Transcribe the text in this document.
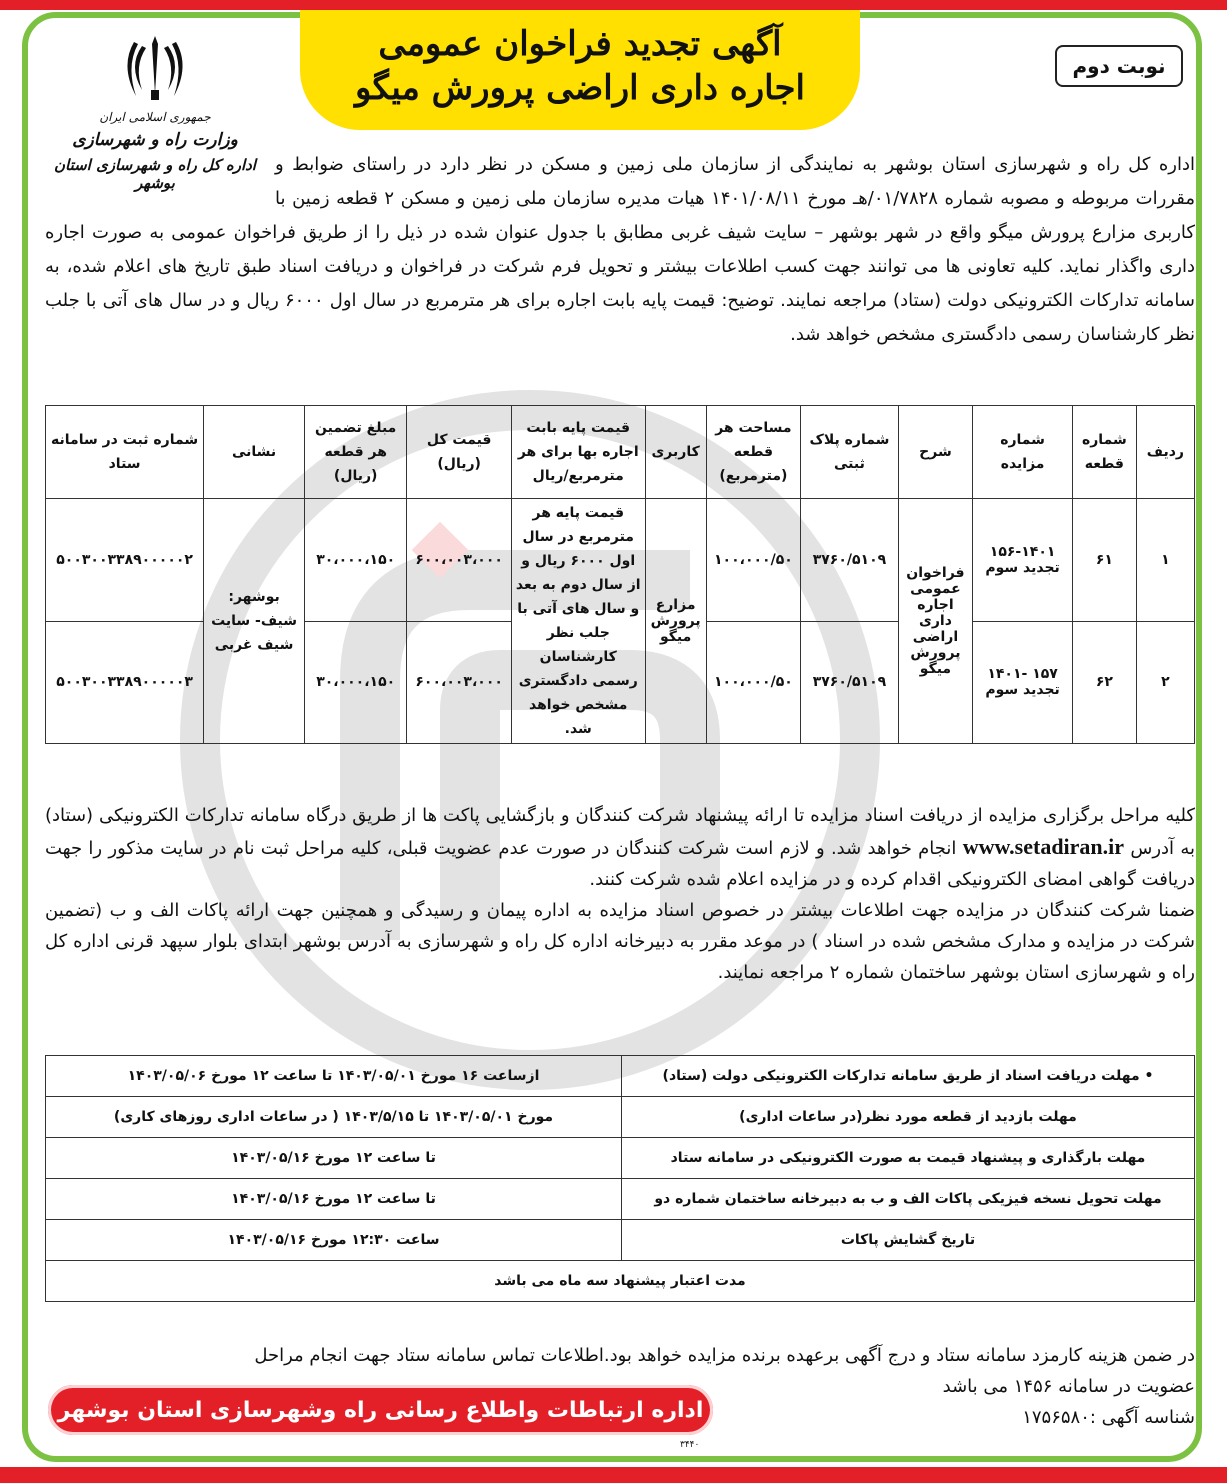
آگهی تجدید فراخوان عمومی
اجاره داری اراضی پرورش میگو
نوبت دوم
جمهوری اسلامی ایران
وزارت راه و شهرسازی
اداره کل راه و شهرسازی استان بوشهر
اداره کل راه و شهرسازی استان بوشهر به نمایندگی از سازمان ملی زمین و مسکن در نظر دارد در راستای ضوابط و مقررات مربوطه و مصوبه شماره ۰۱/۷۸۲۸/هـ مورخ ۱۴۰۱/۰۸/۱۱ هیات مدیره سازمان ملی زمین و مسکن ۲ قطعه زمین با کاربری مزارع پرورش میگو واقع در شهر بوشهر – سایت شیف غربی مطابق با جدول عنوان شده در ذیل را از طریق فراخوان عمومی به صورت اجاره داری واگذار نماید. کلیه تعاونی ها می توانند جهت کسب اطلاعات بیشتر و تحویل فرم شرکت در فراخوان و دریافت اسناد طبق تاریخ های اعلام شده، به سامانه تدارکات الکترونیکی دولت (ستاد) مراجعه نمایند. توضیح: قیمت پایه بابت اجاره برای هر مترمربع در سال اول ۶۰۰۰ ریال و در سال های آتی با جلب نظر کارشناسان رسمی دادگستری مشخص خواهد شد.
ردیف	شماره قطعه	شماره مزایده	شرح	شماره پلاک ثبتی	مساحت هر قطعه (مترمربع)	کاربری	قیمت پایه بابت اجاره بها برای هر مترمربع/ریال	قیمت کل (ریال)	مبلغ تضمین هر قطعه (ریال)	نشانی	شماره ثبت در سامانه ستاد
۱	۶۱	۱۵۶-۱۴۰۱ تجدید سوم	فراخوان عمومی اجاره داری اراضی پرورش میگو	۳۷۶۰/۵۱۰۹	۱۰۰،۰۰۰/۵۰	مزارع پرورش میگو	قیمت پایه هر مترمربع در سال اول ۶۰۰۰ ریال و از سال دوم به بعد و سال های آتی با جلب نظر کارشناسان رسمی دادگستری مشخص خواهد شد.	۶۰۰،۰۰۳،۰۰۰	۳۰،۰۰۰،۱۵۰	بوشهر: شیف- سایت شیف غربی	۵۰۰۳۰۰۳۳۸۹۰۰۰۰۰۲
۲	۶۲	۱۵۷ -۱۴۰۱ تجدید سوم		۳۷۶۰/۵۱۰۹	۱۰۰،۰۰۰/۵۰			۶۰۰،۰۰۳،۰۰۰	۳۰،۰۰۰،۱۵۰		۵۰۰۳۰۰۳۳۸۹۰۰۰۰۰۳
کلیه مراحل برگزاری مزایده از دریافت اسناد مزایده تا ارائه پیشنهاد شرکت کنندگان و بازگشایی پاکت ها از طریق درگاه سامانه تدارکات الکترونیکی (ستاد) به آدرس www.setadiran.ir انجام خواهد شد. و لازم است شرکت کنندگان در صورت عدم عضویت قبلی، کلیه مراحل ثبت نام در سایت مذکور را جهت دریافت گواهی امضای الکترونیکی اقدام کرده و در مزایده اعلام شده شرکت کنند.
ضمنا شرکت کنندگان در مزایده جهت اطلاعات بیشتر در خصوص اسناد مزایده به اداره پیمان و رسیدگی و همچنین جهت ارائه پاکات الف و ب (تضمین شرکت در مزایده و مدارک مشخص شده در اسناد ) در موعد مقرر به دبیرخانه اداره کل راه و شهرسازی به آدرس بوشهر ابتدای بلوار سپهد قرنی اداره کل راه و شهرسازی استان بوشهر ساختمان شماره ۲ مراجعه نمایند.
• مهلت دریافت اسناد از طریق سامانه تدارکات الکترونیکی دولت (ستاد)	ازساعت ۱۶ مورخ ۱۴۰۳/۰۵/۰۱ تا ساعت ۱۲ مورخ ۱۴۰۳/۰۵/۰۶
مهلت بازدید از قطعه مورد نظر(در ساعات اداری)	مورخ ۱۴۰۳/۰۵/۰۱ تا ۱۴۰۳/۵/۱۵ ( در ساعات اداری روزهای کاری)
مهلت بارگذاری و پیشنهاد قیمت به صورت الکترونیکی در سامانه ستاد	تا ساعت ۱۲ مورخ ۱۴۰۳/۰۵/۱۶
مهلت تحویل نسخه فیزیکی پاکات الف و ب به دبیرخانه ساختمان شماره دو	تا ساعت ۱۲ مورخ ۱۴۰۳/۰۵/۱۶
تاریخ گشایش پاکات	ساعت ۱۲:۳۰ مورخ ۱۴۰۳/۰۵/۱۶
مدت اعتبار پیشنهاد سه ماه می باشد	
در ضمن هزینه کارمزد سامانه ستاد و درج آگهی برعهده برنده مزایده خواهد بود.اطلاعات تماس سامانه ستاد جهت انجام مراحل
عضویت در سامانه ۱۴۵۶ می باشد
شناسه آگهی :۱۷۵۶۵۸۰
اداره ارتباطات واطلاع رسانی راه وشهرسازی استان بوشهر
۳۴۴۰
